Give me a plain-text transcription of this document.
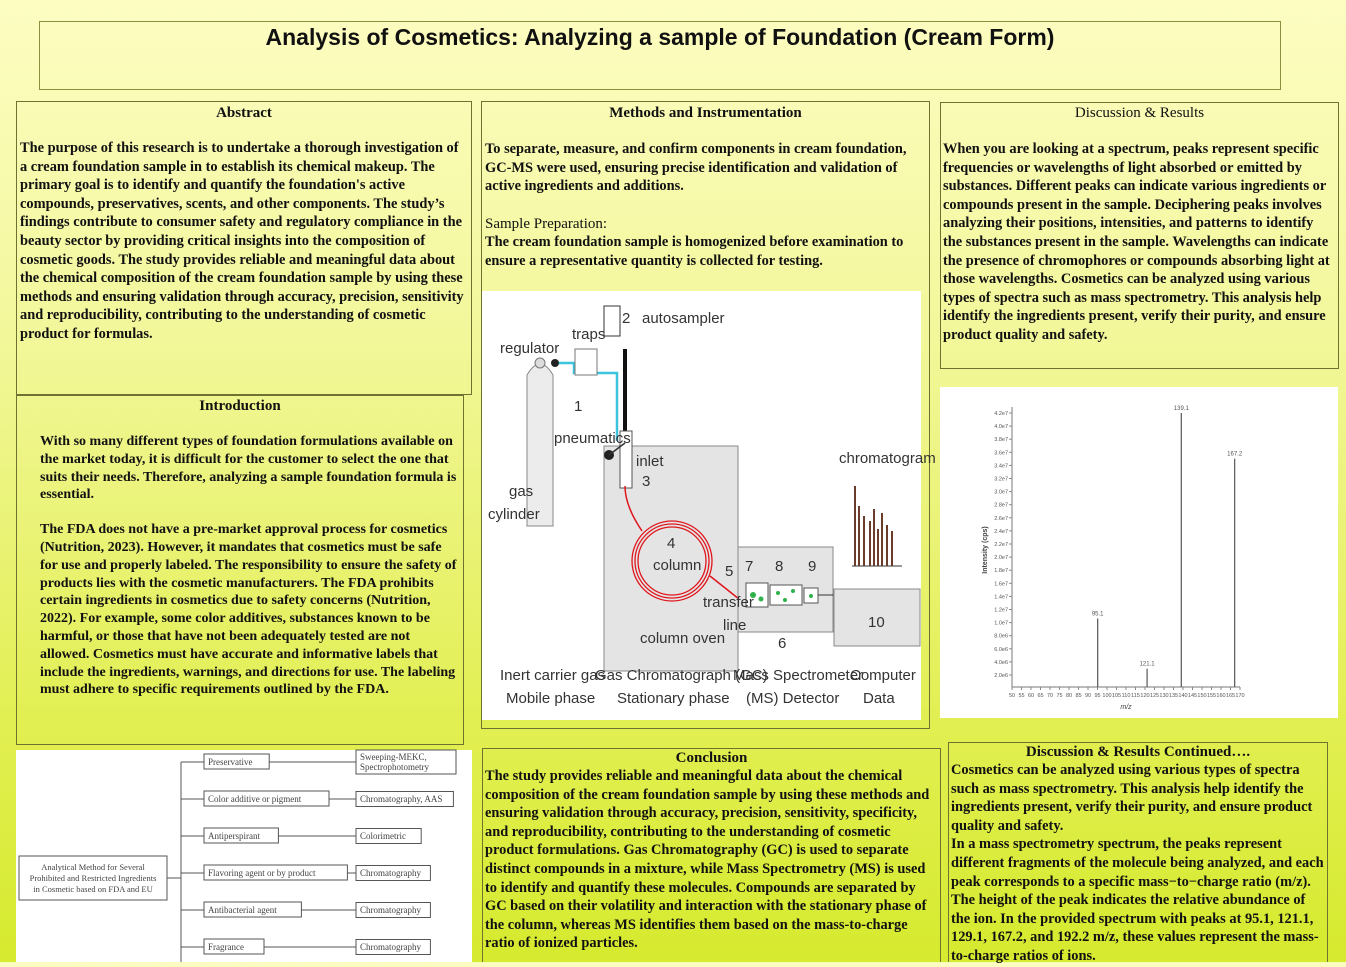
Analysis of Cosmetics: Analyzing a sample of Foundation (Cream Form)
Abstract
The purpose of this research is to undertake a thorough investigation of a cream foundation sample in to establish its chemical makeup. The primary goal is to identify and quantify the foundation's active compounds, preservatives, scents, and other components. The study’s findings contribute to consumer safety and regulatory compliance in the beauty sector by providing critical insights into the composition of cosmetic goods. The study provides reliable and meaningful data about the chemical composition of the cream foundation sample by using these methods and ensuring validation through accuracy, precision, sensitivity and reproducibility, contributing to the understanding of cosmetic product for formulas.
Introduction
With so many different types of foundation formulations available on the market today, it is difficult for the customer to select the one that suits their needs. Therefore, analyzing a sample foundation formula is essential.
The FDA does not have a pre-market approval process for cosmetics (Nutrition, 2023). However, it mandates that cosmetics must be safe for use and properly labeled. The responsibility to ensure the safety of products lies with the cosmetic manufacturers. The FDA prohibits certain ingredients in cosmetics due to safety concerns (Nutrition, 2022). For example, some color additives, substances known to be harmful, or those that have not been adequately tested are not allowed. Cosmetics must have accurate and informative labels that include the ingredients, warnings, and directions for use. The labeling must adhere to specific requirements outlined by the FDA.
Methods and Instrumentation
To separate, measure, and confirm components in cream foundation, GC-MS were used, ensuring precise identification and validation of active ingredients and additions.
Sample Preparation:
The cream foundation sample is homogenized before examination to ensure a representative quantity is collected for testing.
regulator
traps
2 autosampler
1
pneumatics
inlet
3
gas
cylinder
4
column 5
transfer
line
column oven
7 8 9
6
10
chromatogram
Inert carrier gas
Mobile phase
Gas Chromatograph (GC)
Stationary phase
Mass Spectrometer
(MS) Detector
Computer
Data
Discussion & Results
When you are looking at a spectrum, peaks represent specific frequencies or wavelengths of light absorbed or emitted by substances. Different peaks can indicate various ingredients or compounds present in the sample. Deciphering peaks involves analyzing their positions, intensities, and patterns to identify the substances present in the sample. Wavelengths can indicate the presence of chromophores or compounds absorbing light at those wavelengths. Cosmetics can be analyzed using various types of spectra such as mass spectrometry. This analysis help identify the ingredients present, verify their purity, and ensure product quality and safety.
2.0e6
4.0e6
6.0e6
8.0e6
1.0e7
1.2e7
1.4e7
1.6e7
1.8e7
2.0e7
2.2e7
2.4e7
2.6e7
2.8e7
3.0e7
3.2e7
3.4e7
3.6e7
3.8e7
4.0e7
4.2e7
50 55 60 65 70 75 80 85 90 95 100 105 110 115 120 125 130 135 140 145 150 155 160 165 170
95.1
121.1
139.1
167.2
m/z
Intensity (cps)
Analytical Method for Several
Prohibited and Restricted Ingredients
in Cosmetic based on FDA and EU
Preservative	Sweeping-MEKC,
Spectrophotometry
Color additive or pigment	Chromatography, AAS
Antiperspirant	Colorimetric
Flavoring agent or by product	Chromatography
Antibacterial agent	Chromatography
Fragrance	Chromatography
Conclusion
The study provides reliable and meaningful data about the chemical composition of the cream foundation sample by using these methods and ensuring validation through accuracy, precision, sensitivity, specificity, and reproducibility, contributing to the understanding of cosmetic product formulations. Gas Chromatography (GC) is used to separate distinct compounds in a mixture, while Mass Spectrometry (MS) is used to identify and quantify these molecules. Compounds are separated by GC based on their volatility and interaction with the stationary phase of the column, whereas MS identifies them based on the mass-to-charge ratio of ionized particles.
Discussion & Results Continued….
Cosmetics can be analyzed using various types of spectra such as mass spectrometry. This analysis help identify the ingredients present, verify their purity, and ensure product quality and safety.
In a mass spectrometry spectrum, the peaks represent different fragments of the molecule being analyzed, and each peak corresponds to a specific mass−to−charge ratio (m/z). The height of the peak indicates the relative abundance of the ion. In the provided spectrum with peaks at 95.1, 121.1, 129.1, 167.2, and 192.2 m/z, these values represent the mass-to-charge ratios of ions.
